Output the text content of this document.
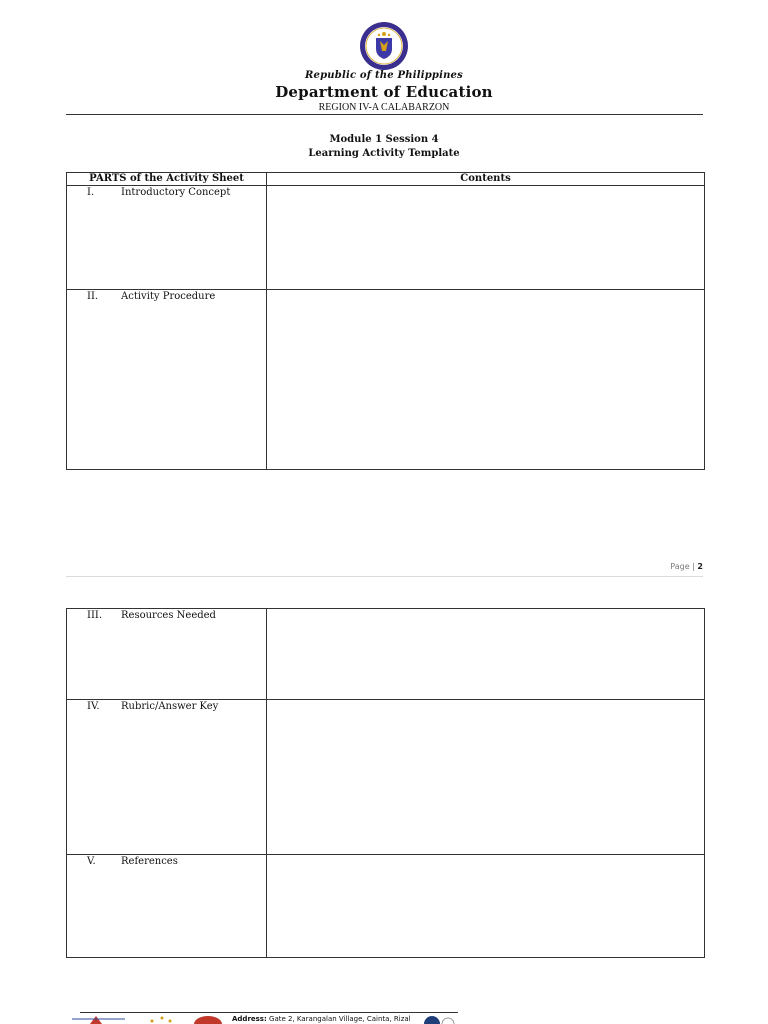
Republic of the Philippines
Department of Education
REGION IV-A CALABARZON
Module 1 Session 4
Learning Activity Template
PARTS of the Activity Sheet	Contents

I. Introductory Concept	

II. Activity Procedure	

Page | 2
III. Resources Needed	

IV. Rubric/Answer Key	

V. References	

Address: Gate 2, Karangalan Village, Cainta, Rizal
